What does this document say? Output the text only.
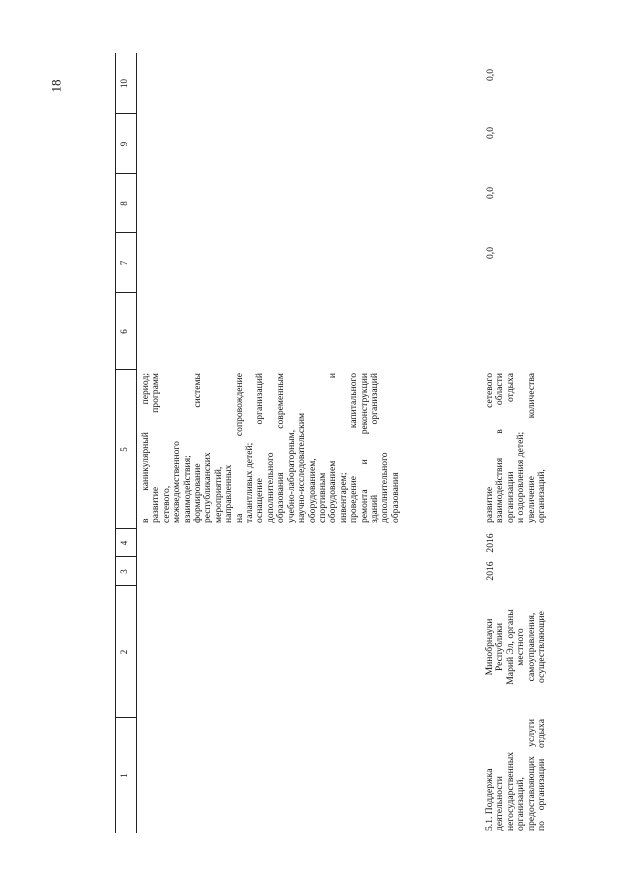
18
1
2
3
4
5
6
7
8
9
10
в каникулярный период; развитие программ сетевого, межведомственного взаимодействия; формирование системы республиканских мероприятий, направленных на сопровождение талантливых детей; оснащение организаций дополнительного образования современным учебно-лабораторным, научно-исследовательским оборудованием, спортивным оборудованием и инвентарем; проведение капитального ремонта и реконструкции зданий организаций дополнительного образования
5.1. Поддержка деятельности негосударственных организаций, предоставляющих услуги по организации отдыха
Минобрнауки Республики Марий Эл, органы местного самоуправления, осуществляющие
2016
2016
развитие сетевого взаимодействия в области организации отдыха и оздоровления детей; увеличение количества организаций,
0,0
0,0
0,0
0,0
